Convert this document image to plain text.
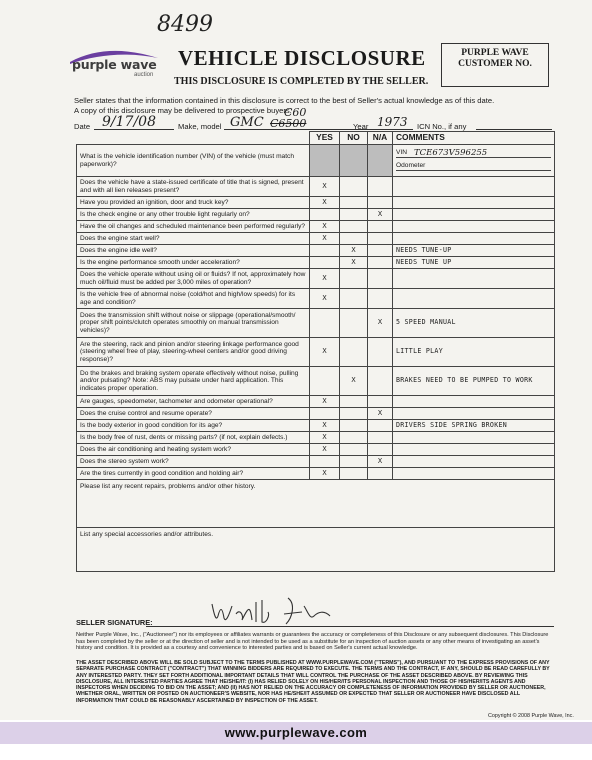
8499
purple wave
auction
VEHICLE DISCLOSURE
THIS DISCLOSURE IS COMPLETED BY THE SELLER.
PURPLE WAVE
CUSTOMER NO.
Seller states that the information contained in this disclosure is correct to the best of Seller's actual knowledge as of this date.
A copy of this disclosure may be delivered to prospective buyers.
Date 9/17/08	Make, model GMC C6500
C60
Year 1973 ICN No., if any
	YES	NO	N/A	COMMENTS
What is the vehicle identification number (VIN) of the vehicle (must match paperwork)?				VIN TCE673V596255
Odometer

Does the vehicle have a state-issued certificate of title that is signed, present and with all lien releases present?	X			
Have you provided an ignition, door and truck key?	X			
Is the check engine or any other trouble light regularly on?			X	
Have the oil changes and scheduled maintenance been performed regularly?	X			
Does the engine start well?	X			
Does the engine idle well?		X		NEEDS TUNE-UP
Is the engine performance smooth under acceleration?		X		NEEDS TUNE UP
Does the vehicle operate without using oil or fluids? If not, approximately how much oil/fluid must be added per 3,000 miles of operation?	X			
Is the vehicle free of abnormal noise (cold/hot and high/low speeds) for its age and condition?	X			
Does the transmission shift without noise or slippage (operational/smooth/ proper shift points/clutch operates smoothly on manual transmission vehicles)?			X	5 SPEED MANUAL
Are the steering, rack and pinion and/or steering linkage performance good (steering wheel free of play, steering-wheel centers and/or good driving response)?	X			LITTLE PLAY
Do the brakes and braking system operate effectively without noise, pulling and/or pulsating? Note: ABS may pulsate under hard application. This indicates proper operation.		X		BRAKES NEED TO BE PUMPED TO WORK
Are gauges, speedometer, tachometer and odometer operational?	X			
Does the cruise control and resume operate?			X	
Is the body exterior in good condition for its age?	X			DRIVERS SIDE SPRING BROKEN
Is the body free of rust, dents or missing parts? (if not, explain defects.)	X			
Does the air conditioning and heating system work?	X			
Does the stereo system work?			X	
Are the tires currently in good condition and holding air?	X			
Please list any recent repairs, problems and/or other history.				
List any special accessories and/or attributes.				
SELLER SIGNATURE:
Neither Purple Wave, Inc., ("Auctioneer") nor its employees or affiliates warrants or guarantees the accuracy or completeness of this Disclosure or any subsequent disclosures. This Disclosure has been completed by the seller or at the direction of seller and is not intended to be used as a substitute for an inspection of auction assets or any other means of investigating an asset's history and condition. It is provided as a courtesy and convenience to interested parties and is based on Seller's current actual knowledge.
THE ASSET DESCRIBED ABOVE WILL BE SOLD SUBJECT TO THE TERMS PUBLISHED AT WWW.PURPLEWAVE.COM ("TERMS"), AND PURSUANT TO THE EXPRESS PROVISIONS OF ANY SEPARATE PURCHASE CONTRACT ("CONTRACT") THAT WINNING BIDDERS ARE REQUIRED TO EXECUTE. THE TERMS AND THE CONTRACT, IF ANY, SHOULD BE READ CAREFULLY BY ANY INTERESTED PARTY. THEY SET FORTH ADDITIONAL IMPORTANT DETAILS THAT WILL CONTROL THE PURCHASE OF THE ASSET DESCRIBED ABOVE. BY REVIEWING THIS DISCLOSURE, ALL INTERESTED PARTIES AGREE THAT HE/SHE/IT: (I) HAS RELIED SOLELY ON HIS/HER/ITS PERSONAL INSPECTION AND THOSE OF HIS/HER/ITS AGENTS AND INSPECTORS WHEN DECIDING TO BID ON THE ASSET; AND (II) HAS NOT RELIED ON THE ACCURACY OR COMPLETENESS OF INFORMATION PROVIDED BY SELLER OR AUCTIONEER, WHETHER ORAL, WRITTEN OR POSTED ON AUCTIONEER'S WEBSITE, NOR HAS HE/SHE/IT ASSUMED OR EXPECTED THAT SELLER OR AUCTIONEER HAVE DISCLOSED ALL INFORMATION THAT COULD BE REASONABLY ASCERTAINED BY INSPECTION OF THE ASSET.
Copyright © 2008 Purple Wave, Inc.
www.purplewave.com
